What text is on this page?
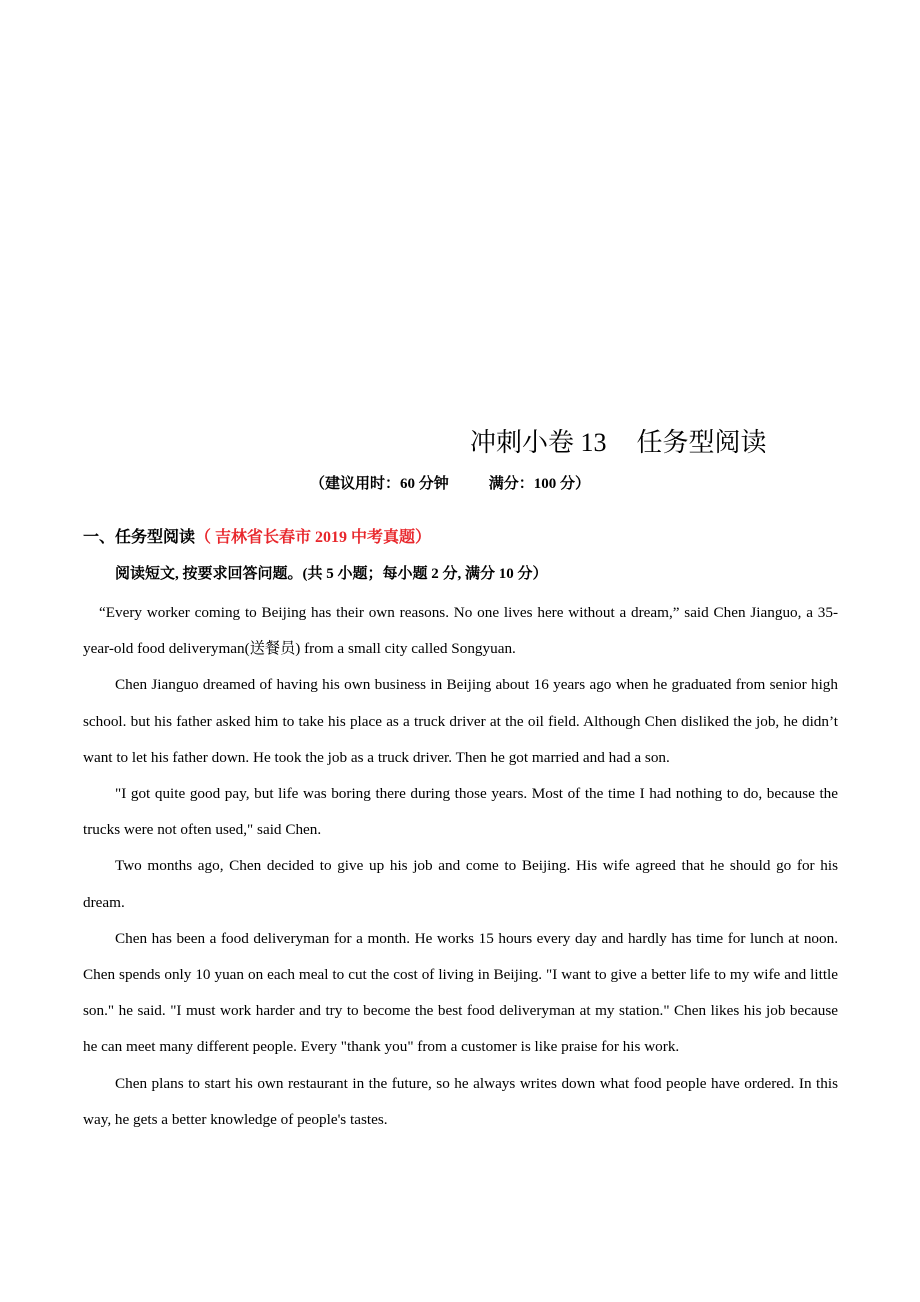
冲刺小卷 13 任务型阅读
（建议用时：60 分钟	满分：100 分）
一、任务型阅读（ 吉林省长春市 2019 中考真题）
阅读短文, 按要求回答问题。(共 5 小题；每小题 2 分, 满分 10 分）

“Every worker coming to Beijing has their own reasons. No one lives here without a dream,” said Chen Jianguo, a 35-year-old food deliveryman(送餐员) from a small city called Songyuan.

Chen Jianguo dreamed of having his own business in Beijing about 16 years ago when he graduated from senior high school. but his father asked him to take his place as a truck driver at the oil field. Although Chen disliked the job, he didn’t want to let his father down. He took the job as a truck driver. Then he got married and had a son.

"I got quite good pay, but life was boring there during those years. Most of the time I had nothing to do, because the trucks were not often used," said Chen.

Two months ago, Chen decided to give up his job and come to Beijing. His wife agreed that he should go for his dream.

Chen has been a food deliveryman for a month. He works 15 hours every day and hardly has time for lunch at noon. Chen spends only 10 yuan on each meal to cut the cost of living in Beijing. "I want to give a better life to my wife and little son." he said. "I must work harder and try to become the best food deliveryman at my station." Chen likes his job because he can meet many different people. Every "thank you" from a customer is like praise for his work.

Chen plans to start his own restaurant in the future, so he always writes down what food people have ordered. In this way, he gets a better knowledge of people's tastes.
